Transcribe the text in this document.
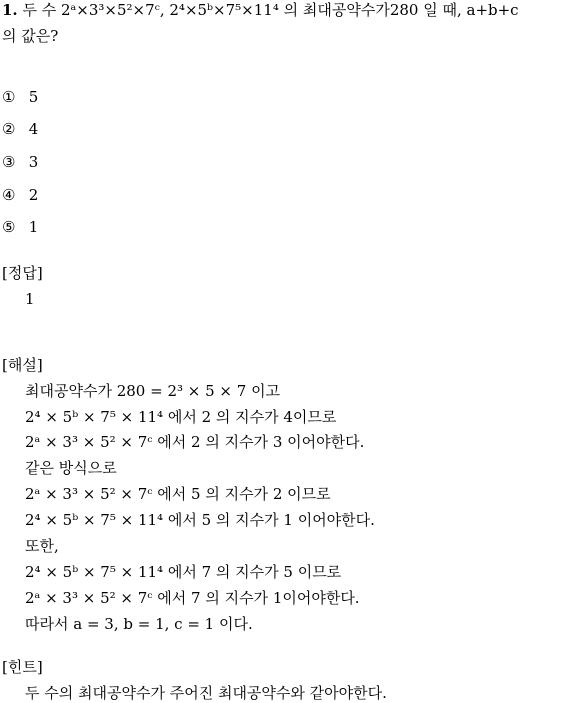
1. 두 수 2ᵃ×3³×5²×7ᶜ, 2⁴×5ᵇ×7⁵×11⁴ 의 최대공약수가280 일 때, a+b+c
의 값은?
① 5
② 4
③ 3
④ 2
⑤ 1
[정답]
1
[해설]
최대공약수가 280 = 2³ × 5 × 7 이고
2⁴ × 5ᵇ × 7⁵ × 11⁴ 에서 2 의 지수가 4이므로
2ᵃ × 3³ × 5² × 7ᶜ 에서 2 의 지수가 3 이어야한다.
같은 방식으로
2ᵃ × 3³ × 5² × 7ᶜ 에서 5 의 지수가 2 이므로
2⁴ × 5ᵇ × 7⁵ × 11⁴ 에서 5 의 지수가 1 이어야한다.
또한,
2⁴ × 5ᵇ × 7⁵ × 11⁴ 에서 7 의 지수가 5 이므로
2ᵃ × 3³ × 5² × 7ᶜ 에서 7 의 지수가 1이어야한다.
따라서 a = 3, b = 1, c = 1 이다.
[힌트]
두 수의 최대공약수가 주어진 최대공약수와 같아야한다.
